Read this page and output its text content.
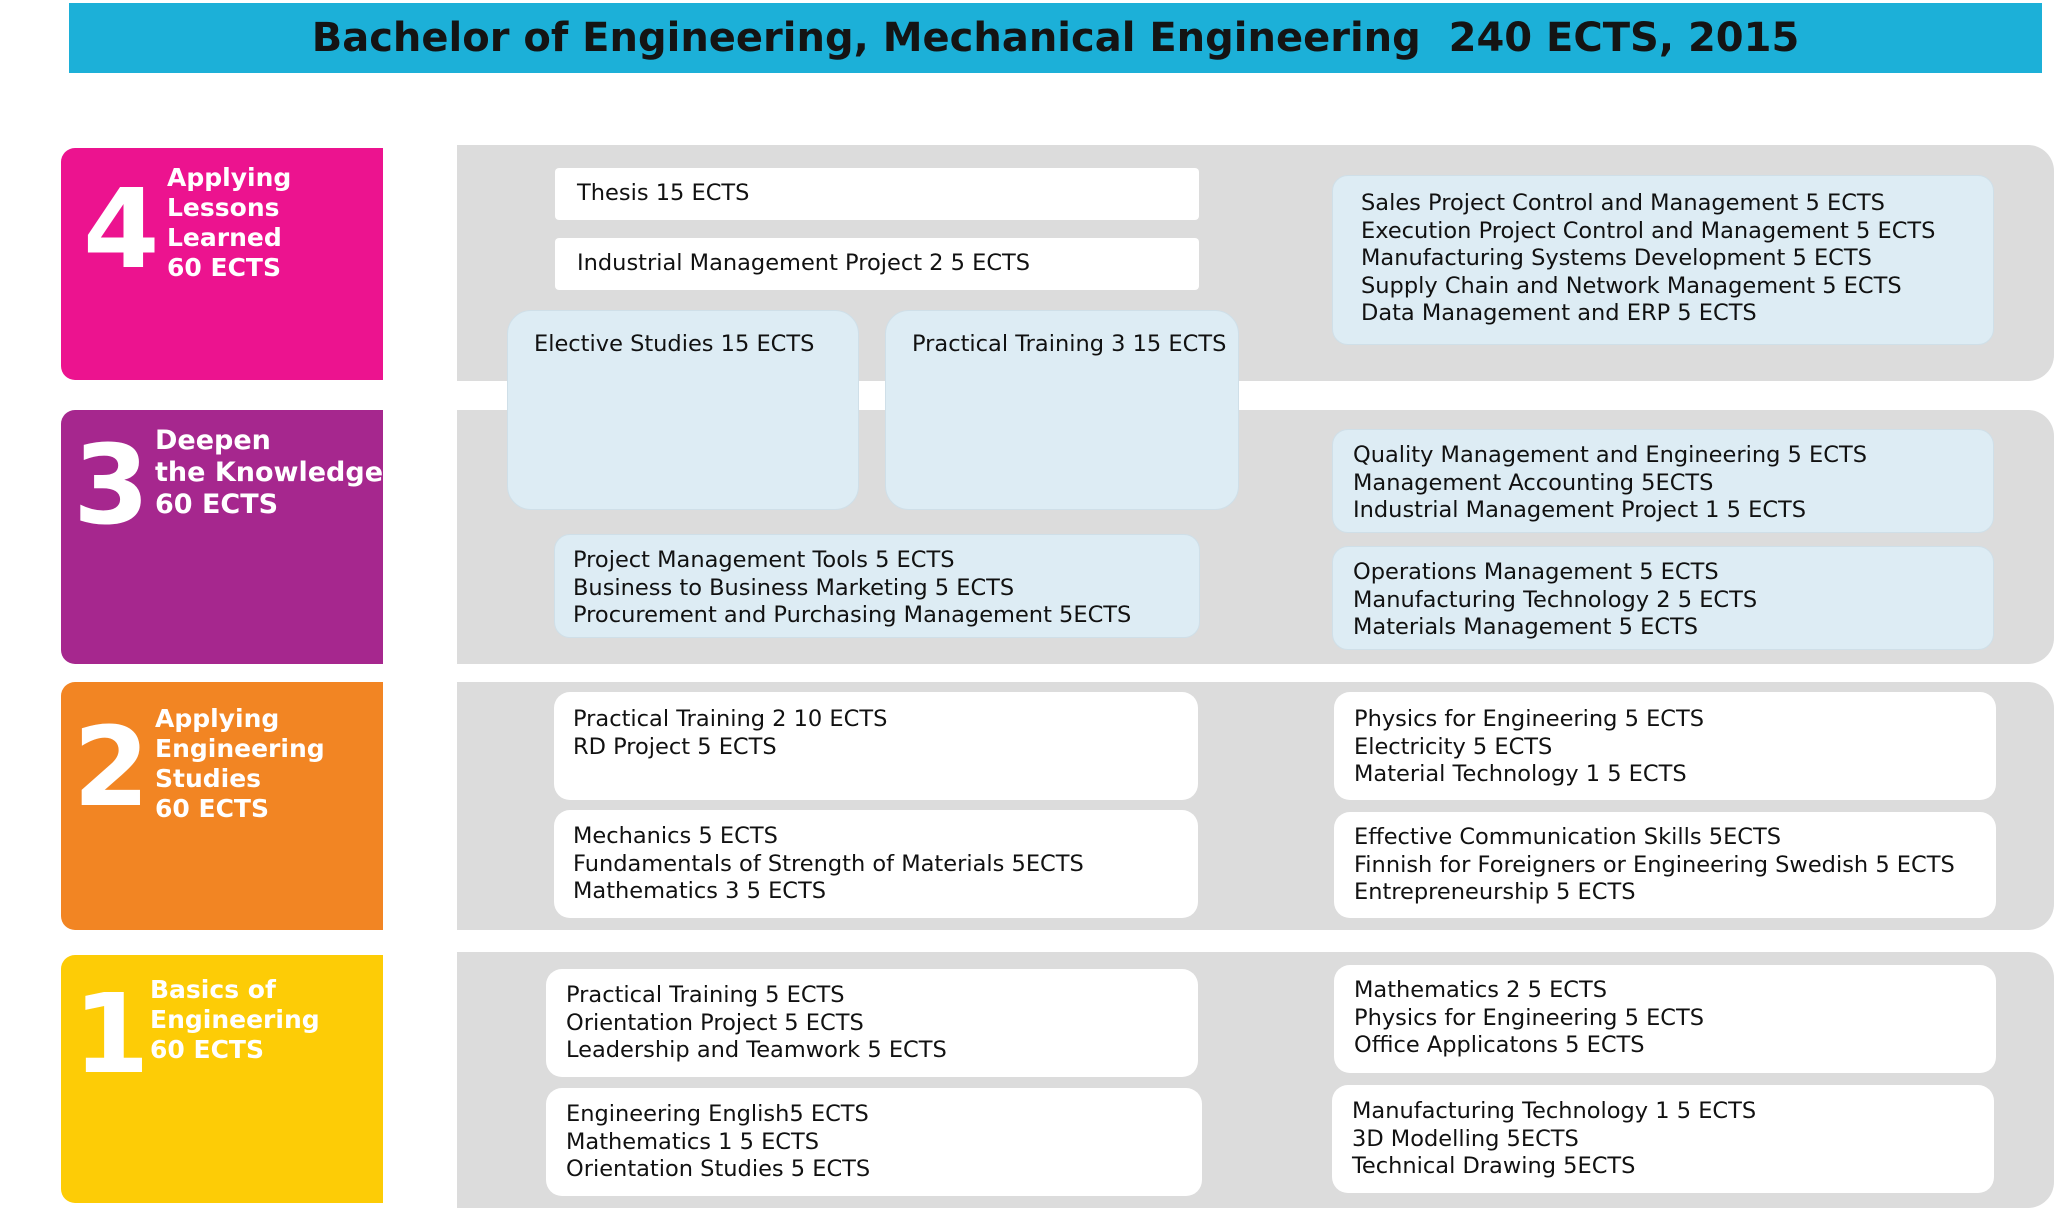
Bachelor of Engineering, Mechanical Engineering  240 ECTS, 2015
4 Applying
Lessons
Learned
60 ECTS
3 Deepen
the Knowledge
60 ECTS
2 Applying
Engineering
Studies
60 ECTS
1 Basics of
Engineering
60 ECTS
Thesis 15 ECTS
Industrial Management Project 2 5 ECTS
Sales Project Control and Management 5 ECTS
Execution Project Control and Management 5 ECTS
Manufacturing Systems Development 5 ECTS
Supply Chain and Network Management 5 ECTS
Data Management and ERP 5 ECTS
Elective Studies 15 ECTS	Practical Training 3 15 ECTS
Project Management Tools 5 ECTS
Business to Business Marketing 5 ECTS
Procurement and Purchasing Management 5ECTS
Quality Management and Engineering 5 ECTS
Management Accounting 5ECTS
Industrial Management Project 1 5 ECTS
Operations Management 5 ECTS
Manufacturing Technology 2 5 ECTS
Materials Management 5 ECTS
Practical Training 2 10 ECTS
RD Project 5 ECTS
Mechanics 5 ECTS
Fundamentals of Strength of Materials 5ECTS
Mathematics 3 5 ECTS
Physics for Engineering 5 ECTS
Electricity 5 ECTS
Material Technology 1 5 ECTS
Effective Communication Skills 5ECTS
Finnish for Foreigners or Engineering Swedish 5 ECTS
Entrepreneurship 5 ECTS
Practical Training 5 ECTS
Orientation Project 5 ECTS
Leadership and Teamwork 5 ECTS
Engineering English5 ECTS
Mathematics 1 5 ECTS
Orientation Studies 5 ECTS
Mathematics 2 5 ECTS
Physics for Engineering 5 ECTS
Office Applicatons 5 ECTS
Manufacturing Technology 1 5 ECTS
3D Modelling 5ECTS
Technical Drawing 5ECTS
